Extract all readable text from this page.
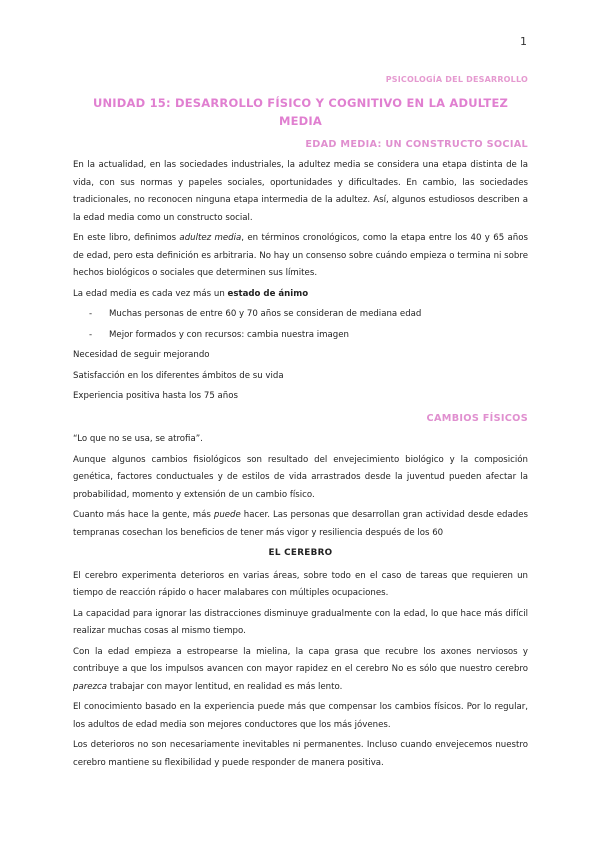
1
PSICOLOGÍA DEL DESARROLLO
UNIDAD 15: DESARROLLO FÍSICO Y COGNITIVO EN LA ADULTEZ MEDIA
EDAD MEDIA: UN CONSTRUCTO SOCIAL

En la actualidad, en las sociedades industriales, la adultez media se considera una etapa distinta de la vida, con sus normas y papeles sociales, oportunidades y dificultades. En cambio, las sociedades tradicionales, no reconocen ninguna etapa intermedia de la adultez. Así, algunos estudiosos describen a la edad media como un constructo social.

En este libro, definimos adultez media, en términos cronológicos, como la etapa entre los 40 y 65 años de edad, pero esta definición es arbitraria. No hay un consenso sobre cuándo empieza o termina ni sobre hechos biológicos o sociales que determinen sus límites.

La edad media es cada vez más un estado de ánimo

- Muchas personas de entre 60 y 70 años se consideran de mediana edad
- Mejor formados y con recursos: cambia nuestra imagen

Necesidad de seguir mejorando

Satisfacción en los diferentes ámbitos de su vida

Experiencia positiva hasta los 75 años

CAMBIOS FÍSICOS

“Lo que no se usa, se atrofia”.

Aunque algunos cambios fisiológicos son resultado del envejecimiento biológico y la composición genética, factores conductuales y de estilos de vida arrastrados desde la juventud pueden afectar la probabilidad, momento y extensión de un cambio físico.

Cuanto más hace la gente, más puede hacer. Las personas que desarrollan gran actividad desde edades tempranas cosechan los beneficios de tener más vigor y resiliencia después de los 60

EL CEREBRO

El cerebro experimenta deterioros en varias áreas, sobre todo en el caso de tareas que requieren un tiempo de reacción rápido o hacer malabares con múltiples ocupaciones.

La capacidad para ignorar las distracciones disminuye gradualmente con la edad, lo que hace más difícil realizar muchas cosas al mismo tiempo.

Con la edad empieza a estropearse la mielina, la capa grasa que recubre los axones nerviosos y contribuye a que los impulsos avancen con mayor rapidez en el cerebro No es sólo que nuestro cerebro parezca trabajar con mayor lentitud, en realidad es más lento.

El conocimiento basado en la experiencia puede más que compensar los cambios físicos. Por lo regular, los adultos de edad media son mejores conductores que los más jóvenes.

Los deterioros no son necesariamente inevitables ni permanentes. Incluso cuando envejecemos nuestro cerebro mantiene su flexibilidad y puede responder de manera positiva.
